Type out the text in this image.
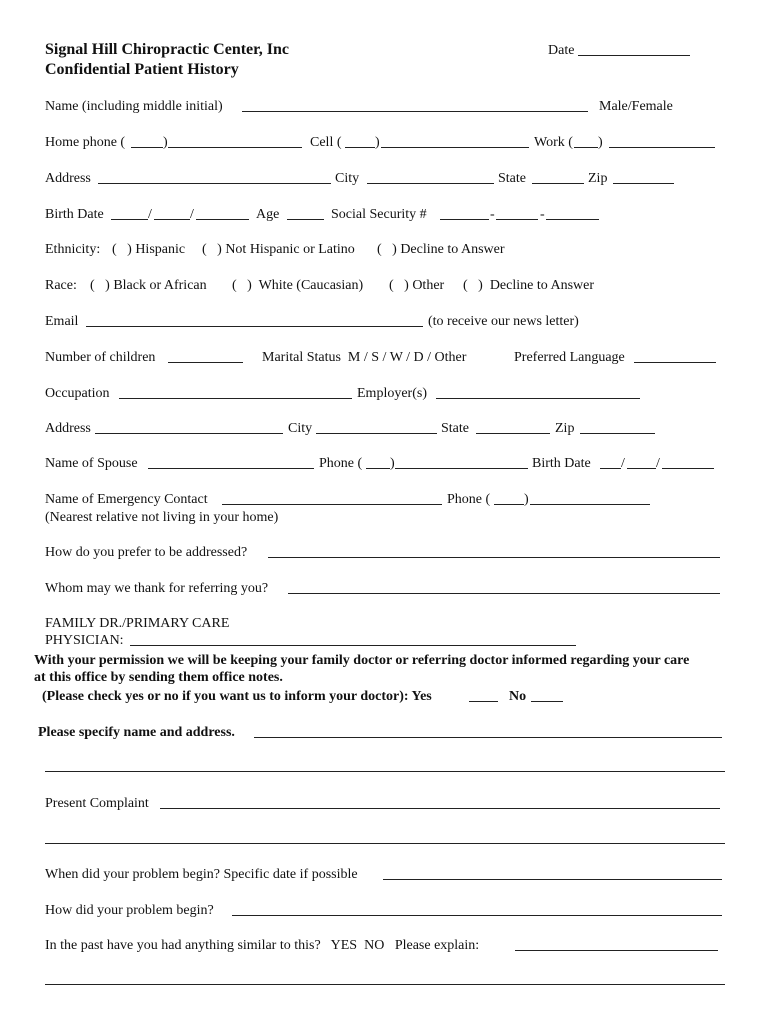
Signal Hill Chiropractic Center, Inc
Confidential Patient History
Date
Name (including middle initial)	Male/Female
Home phone (	)	Cell ( )	Work ( )
Address	City	State	Zip
Birth Date	/	/	Age	Social Security #	-	-
Ethnicity: (   ) Hispanic (   ) Not Hispanic or Latino (   ) Decline to Answer
Race: (   ) Black or African (   )  White (Caucasian) (   ) Other (   )  Decline to Answer
Email	(to receive our news letter)
Number of children	Marital Status  M / S / W / D / Other	Preferred Language
Occupation	Employer(s)
Address	City	State	Zip
Name of Spouse	Phone ( )	Birth Date / /
Name of Emergency Contact	Phone ( )
(Nearest relative not living in your home)
How do you prefer to be addressed?
Whom may we thank for referring you?
FAMILY DR./PRIMARY CARE
PHYSICIAN:
With your permission we will be keeping your family doctor or referring doctor informed regarding your care
at this office by sending them office notes.
(Please check yes or no if you want us to inform your doctor): Yes	No
Please specify name and address.
Present Complaint
When did your problem begin? Specific date if possible
How did your problem begin?
In the past have you had anything similar to this?   YES  NO   Please explain:
